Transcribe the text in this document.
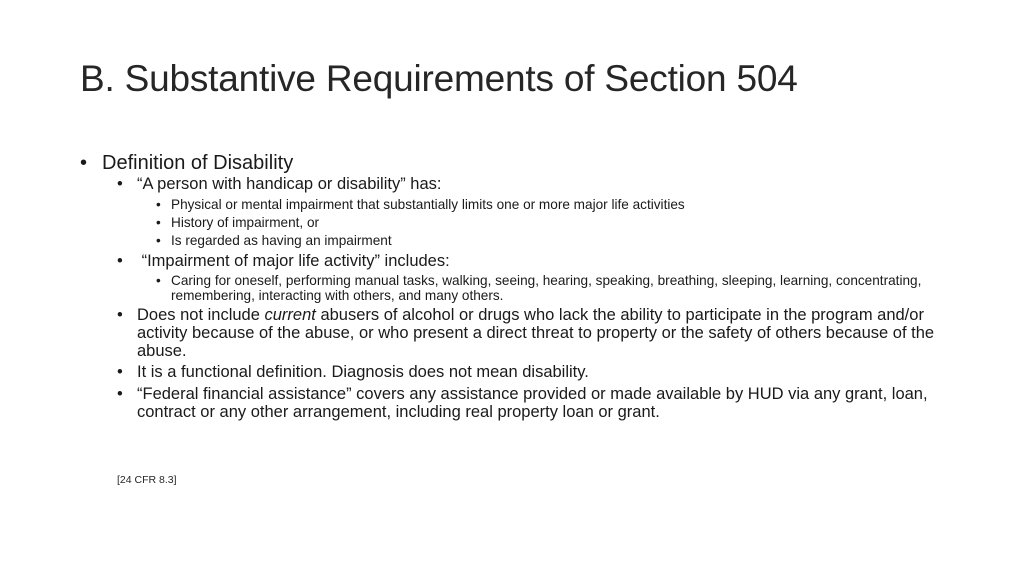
B. Substantive Requirements of Section 504
• Definition of Disability
• “A person with handicap or disability” has:
• Physical or mental impairment that substantially limits one or more major life activities
• History of impairment, or
• Is regarded as having an impairment
• “Impairment of major life activity” includes:
• Caring for oneself, performing manual tasks, walking, seeing, hearing, speaking, breathing, sleeping, learning, concentrating, remembering, interacting with others, and many others.
• Does not include current abusers of alcohol or drugs who lack the ability to participate in the program and/or activity because of the abuse, or who present a direct threat to property or the safety of others because of the abuse.
• It is a functional definition. Diagnosis does not mean disability.
• “Federal financial assistance” covers any assistance provided or made available by HUD via any grant, loan, contract or any other arrangement, including real property loan or grant.
[24 CFR 8.3]
